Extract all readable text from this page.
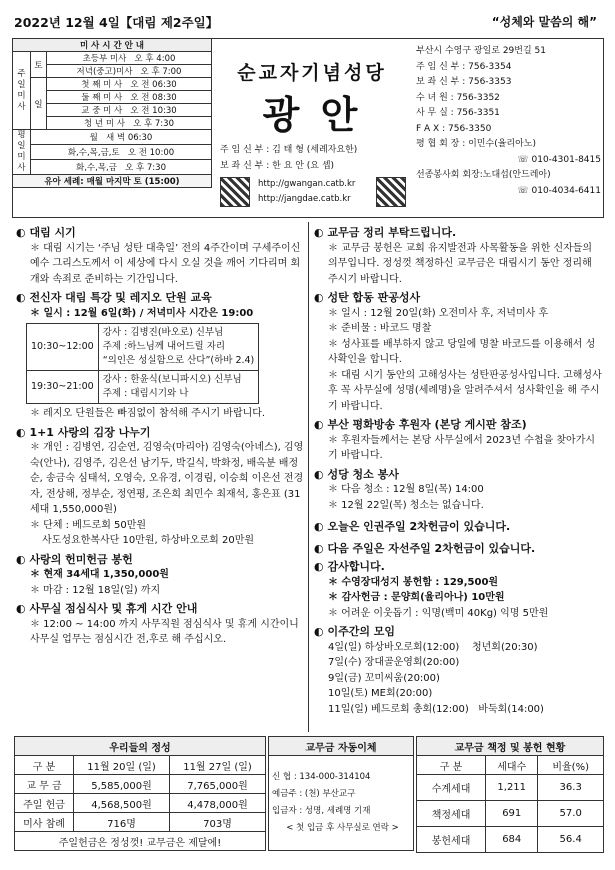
2022년 12월 4일【대림 제2주일】	“성체와 말씀의 해”
미 사 시 간 안 내		
주일미사	토	초등부 미사 오 후 4:00
		저녁(중고)미사 오 후 7:00
	일	첫 째 미 사 오 전 06:30
		둘 째 미 사 오 전 08:30
		교 중 미 사 오 전 10:30
		청 년 미 사 오 후 7:30
평일미사	월 새 벽 06:30	
	화,수,목,금,토 오 전 10:00	
	화,수,목,금 오 후 7:30	
유아 세례: 매월 마지막 토 (15:00)		
순교자기념성당
광 안
주 임 신 부 : 김 태 형 (세례자요한)
보 좌 신 부 : 한 요 안 (요 셉)
http://gwangan.catb.kr
http://jangdae.catb.kr
부산시 수영구 광일로 29번길 51
주 임 신 부 : 756-3354
보 좌 신 부 : 756-3353
수 녀 원 : 756-3352
사 무 실 : 756-3351
F A X : 756-3350
평 협 회 장 : 이민수(율리아노)
☏ 010-4301-8415
선종봉사회 회장:노대섭(안드레아)
☏ 010-4034-6411
◐ 대림 시기
＊ 대림 시기는 ‘주님 성탄 대축일’ 전의 4주간이며 구세주이신 예수 그리스도께서 이 세상에 다시 오실 것을 깨어 기다리며 회개와 속죄로 준비하는 기간입니다.
◐ 전신자 대림 특강 및 레지오 단원 교육
＊ 일시 : 12월 6일(화) / 저녁미사 시간은 19:00
10:30~12:00	강사 : 김병진(바오로) 신부님
주제 :하느님께 내어드릴 자리
“의인은 성실함으로 산다”(하바 2.4)

19:30~21:00	강사 : 한윤식(보니파시오) 신부님
주제 : 대림시기와 나
＊ 레지오 단원들은 빠짐없이 참석해 주시기 바랍니다.
◐ 1+1 사랑의 김장 나누기
＊ 개인 : 김병연, 김순연, 김영숙(마리아) 김영숙(아녜스), 김영숙(안나), 김영주, 김은선 남기두, 박길식, 박화정, 배옥분 배정순, 송금숙 심태석, 오영숙, 오유경, 이경림, 이승희 이은선 전경자, 전상해, 정부순, 정연평, 조은희 최민수 최재석, 홍은표 (31세대 1,550,000원)
＊ 단체 : 베드로회 50만원
사도성요한복사단 10만원, 하상바오로회 20만원
◐ 사랑의 헌미헌금 봉헌
＊ 현재 34세대 1,350,000원
＊ 마감 : 12월 18일(일) 까지
◐ 사무실 점심식사 및 휴게 시간 안내
＊ 12:00 ~ 14:00 까지 사무직원 점심식사 및 휴게 시간이니 사무실 업무는 점심시간 전,후로 해 주십시오.
◐ 교무금 정리 부탁드립니다.
＊ 교무금 봉헌은 교회 유지발전과 사목활동을 위한 신자들의 의무입니다. 정성껏 책정하신 교무금은 대림시기 동안 정리해 주시기 바랍니다.
◐ 성탄 합동 판공성사
＊ 일시 : 12월 20일(화) 오전미사 후, 저녁미사 후
＊ 준비물 : 바코드 명찰
＊ 성사표를 배부하지 않고 당일에 명찰 바코드를 이용해서 성사확인을 합니다.
＊ 대림 시기 동안의 고해성사는 성탄판공성사입니다. 고해성사 후 꼭 사무실에 성명(세례명)을 알려주셔서 성사확인을 해 주시기 바랍니다.
◐ 부산 평화방송 후원자 (본당 게시판 참조)
＊ 후원자들께서는 본당 사무실에서 2023년 수첩을 찾아가시기 바랍니다.
◐ 성당 청소 봉사
＊ 다음 청소 : 12월 8일(목) 14:00
＊ 12월 22일(목) 청소는 없습니다.
◐ 오늘은 인권주일 2차헌금이 있습니다.
◐ 다음 주일은 자선주일 2차헌금이 있습니다.
◐ 감사합니다.
＊ 수영장대성지 봉헌함 : 129,500원
＊ 감사헌금 : 문양희(율리아나) 10만원
＊ 어려운 이웃돕기 : 익명(백미 40Kg) 익명 5만원
◐ 이주간의 모임
4일(일) 하상바오로회(12:00) 청년회(20:30)
7일(수) 장대골운영회(20:00)
9일(금) 꼬미씨움(20:00)
10일(토) ME회(20:00)
11일(일) 베드로회 총회(12:00) 바둑회(14:00)
우리들의 정성		
구 분	11월 20일 (일)	11월 27일 (일)
교 무 금	5,585,000원	7,765,000원
주일 헌금	4,568,500원	4,478,000원
미사 참례	716명	703명
주일헌금은 정성껏! 교무금은 제달에!		
교무금 자동이체

신 협 : 134-000-314104
예금주 : (천) 부산교구
입금자 : 성명, 세례명 기재
< 첫 입금 후 사무실로 연락 >
교무금 책정 및 봉헌 현황		
구 분	세대수	비율(%)
수계세대	1,211	36.3
책정세대	691	57.0
봉헌세대	684	56.4
